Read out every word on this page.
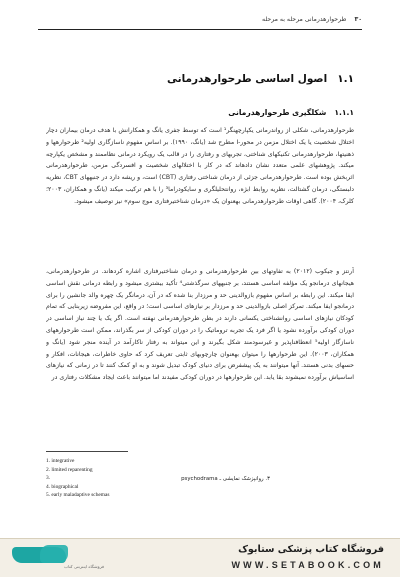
۳۰
طرحوارهدرمانی مرحله به مرحله
۱.۱
اصول اساسی طرحوارهدرمانی
۱.۱.۱
شکلگیری طرحوارهدرمانی

طرحوارهدرمانی، شکلی از رواندرمانی یکپارچهنگر¹ است که توسط جفری یانگ و همکارانش با هدف درمان بیماران دچار اختلال شخصیت یا یک اختلال مزمن در محور-I مطرح شد (یانگ، ۱۹۹۰). بر اساس مفهوم ناسازگاری اولیه² طرحوارهها و ذهنیتها، طرحوارهدرمانی تکنیکهای شناختی، تجربهای و رفتاری را در قالب یک رویکرد درمانی نظاممند و مشخص یکپارچه میکند. پژوهشهای علمی متعدد نشان دادهاند که در کار با اختلالهای شخصیت و افسردگی مزمن، طرحوارهدرمانی اثربخش بوده است. طرحوارهدرمانی جزئی از درمان شناختی رفتاری (CBT) است، و ریشه دارد در جنبههای CBT، نظریه دلبستگی، درمان گشتالت، نظریه روابط ابژه، روانتحلیلگری و سایکودراما³ را با هم ترکیب میکند (یانگ و همکاران، ۲۰۰۳؛ کلرک، ۲۰۰۴). گاهی اوقات طرحوارهدرمانی بهعنوان یک «درمان شناختیرفتاری موج سوم» نیز توصیف میشود.

آرنتز و جیکوب (۲۰۱۲) به تفاوتهای بین طرحوارهدرمانی و درمان شناختیرفتاری اشاره کردهاند. در طرحوارهدرمانی، هیجانهای درمانجو یک مؤلفه اساسی هستند، بر جنبههای سرگذشتی⁴ تأکید بیشتری میشود و رابطه درمانی نقش اساسی ایفا میکند. این رابطه بر اساس مفهوم بازوالدینی حد و مرزدار بنا شده که در آن، درمانگر یک چهره والد جانشین را برای درمانجو ایفا میکند. تمرکز اصلی بازوالدینی حد و مرزدار بر نیازهای اساسی است؛ در واقع، این مفروضه زیربنایی که تمام کودکان نیازهای اساسی روانشناختی یکسانی دارند در بطن طرحوارهدرمانی نهفته است. اگر یک یا چند نیاز اساسی در دوران کودکی برآورده نشود یا اگر فرد یک تجربه تروماتیک را در دوران کودکی از سر بگذراند، ممکن است طرحوارههای ناسازگار اولیه⁵ انعطافناپذیر و غیرسودمند شکل بگیرند و این میتواند به رفتار ناکارآمد در آینده منجر شود (یانگ و همکاران، ۲۰۰۳). این طرحوارهها را میتوان بهعنوان چارچوبهای ثابتی تعریف کرد که حاوی خاطرات، هیجانات، افکار و حسهای بدنی هستند. آنها میتوانند به یک پیشفرض برای دنیای کودک تبدیل شوند و به او کمک کنند تا در زمانی که نیازهای اساسیاش برآورده نمیشوند بقا یابد. این طرحوارهها در دوران کودکی مفیدند اما میتوانند باعث ایجاد مشکلات رفتاری در

1. integrative
2. limited reparenting
3.
4. biographical
5. early maladaptive schemas
۳. روانپزشک نمایشی ـ psychodrama
فروشگاه اینترنتی کتاب
فروشگاه کتاب پزشکی ستابوک
WWW.SETABOOK.COM
